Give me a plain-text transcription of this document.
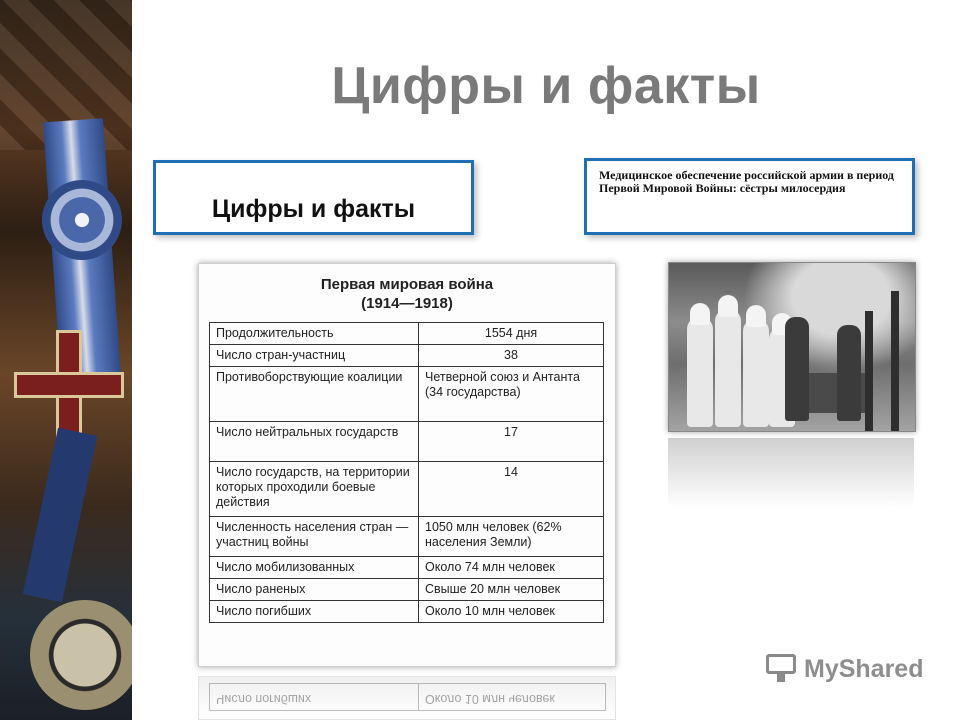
Цифры и факты
Цифры и факты
Медицинское обеспечение российской армии в период Первой Мировой Войны: сёстры милосердия
Первая мировая война
(1914—1918)
Продолжительность	1554 дня
Число стран-участниц	38
Противоборствующие коалиции	Четверной союз и Антанта (34 государства)
Число нейтральных государств	17
Число государств, на территории которых проходили боевые действия	14
Численность населения стран — участниц войны	1050 млн человек (62% населения Земли)
Число мобилизованных	Около 74 млн человек
Число раненых	Свыше 20 млн человек
Число погибших	Около 10 млн человек
Число погибших	Около 10 млн человек
MyShared
